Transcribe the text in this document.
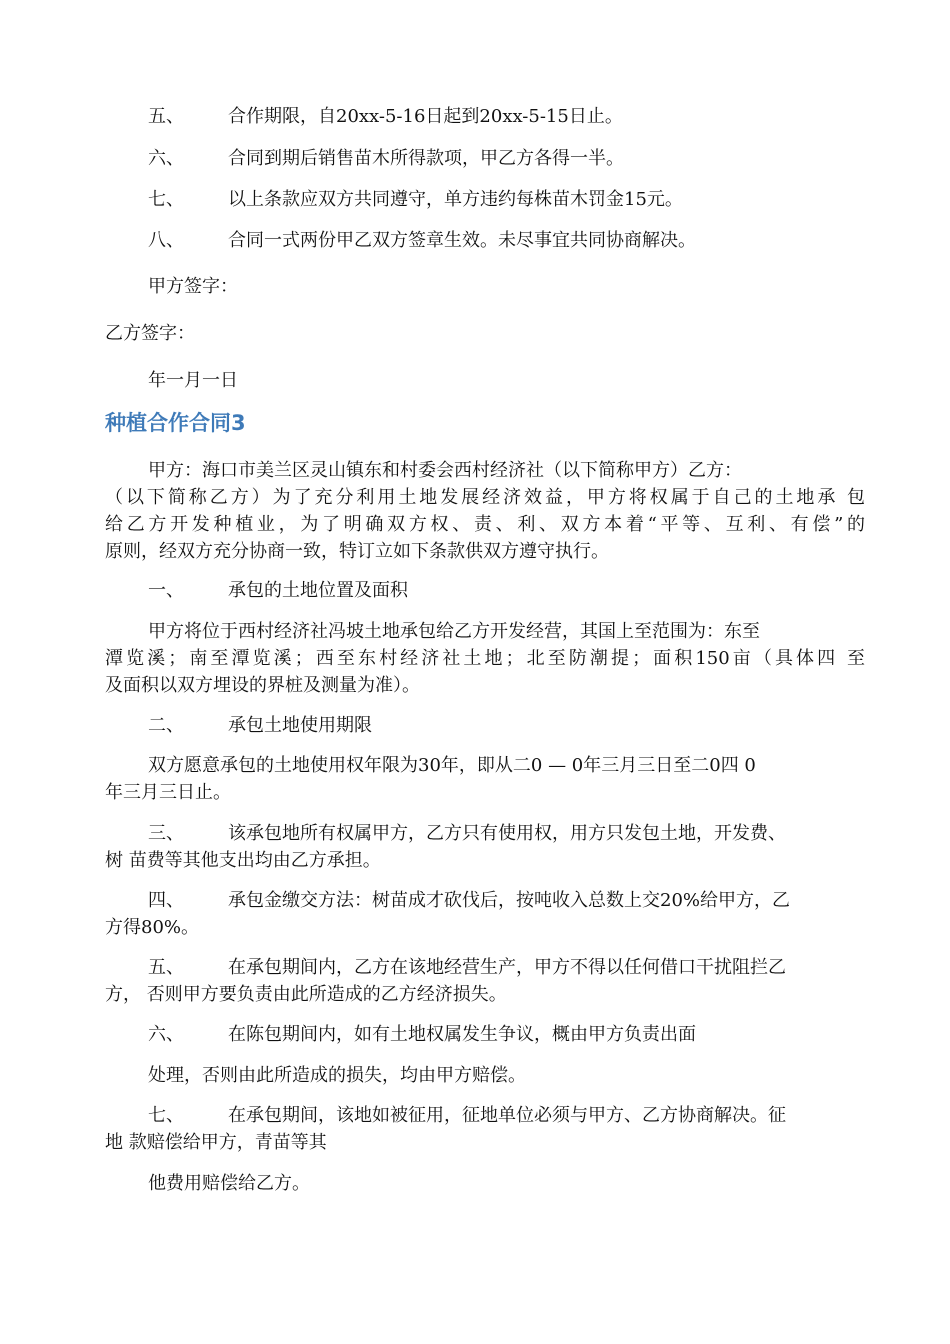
五、 合作期限，自20xx-5-16日起到20xx-5-15日止。
六、 合同到期后销售苗木所得款项，甲乙方各得一半。
七、 以上条款应双方共同遵守，单方违约每株苗木罚金15元。
八、 合同一式两份甲乙双方签章生效。未尽事宜共同协商解决。
甲方签字：
乙方签字：
年一月一日
种植合作合同3
甲方：海口市美兰区灵山镇东和村委会西村经济社（以下简称甲方）乙方：
（以下简称乙方）为了充分利用土地发展经济效益，甲方将权属于自己的土地承 包
给乙方开发种植业，为了明确双方权、责、利、双方本着“平等、互利、有偿”的
原则，经双方充分协商一致，特订立如下条款供双方遵守执行。
一、 承包的土地位置及面积
甲方将位于西村经济社冯坡土地承包给乙方开发经营，其国上至范围为：东至
潭览溪；南至潭览溪；西至东村经济社土地；北至防潮提；面积150亩（具体四 至
及面积以双方埋设的界桩及测量为准）。
二、 承包土地使用期限
双方愿意承包的土地使用权年限为30年，即从二0 — 0年三月三日至二0四 0
年三月三日止。
三、 该承包地所有权属甲方，乙方只有使用权，用方只发包土地，开发费、
树 苗费等其他支出均由乙方承担。
四、 承包金缴交方法：树苗成才砍伐后，按吨收入总数上交20%给甲方，乙
方得80%。
五、 在承包期间内，乙方在该地经营生产，甲方不得以任何借口干扰阻拦乙
方， 否则甲方要负责由此所造成的乙方经济损失。
六、 在陈包期间内，如有土地权属发生争议，概由甲方负责出面
处理，否则由此所造成的损失，均由甲方赔偿。
七、 在承包期间，该地如被征用，征地单位必须与甲方、乙方协商解决。征
地 款赔偿给甲方，青苗等其
他费用赔偿给乙方。
